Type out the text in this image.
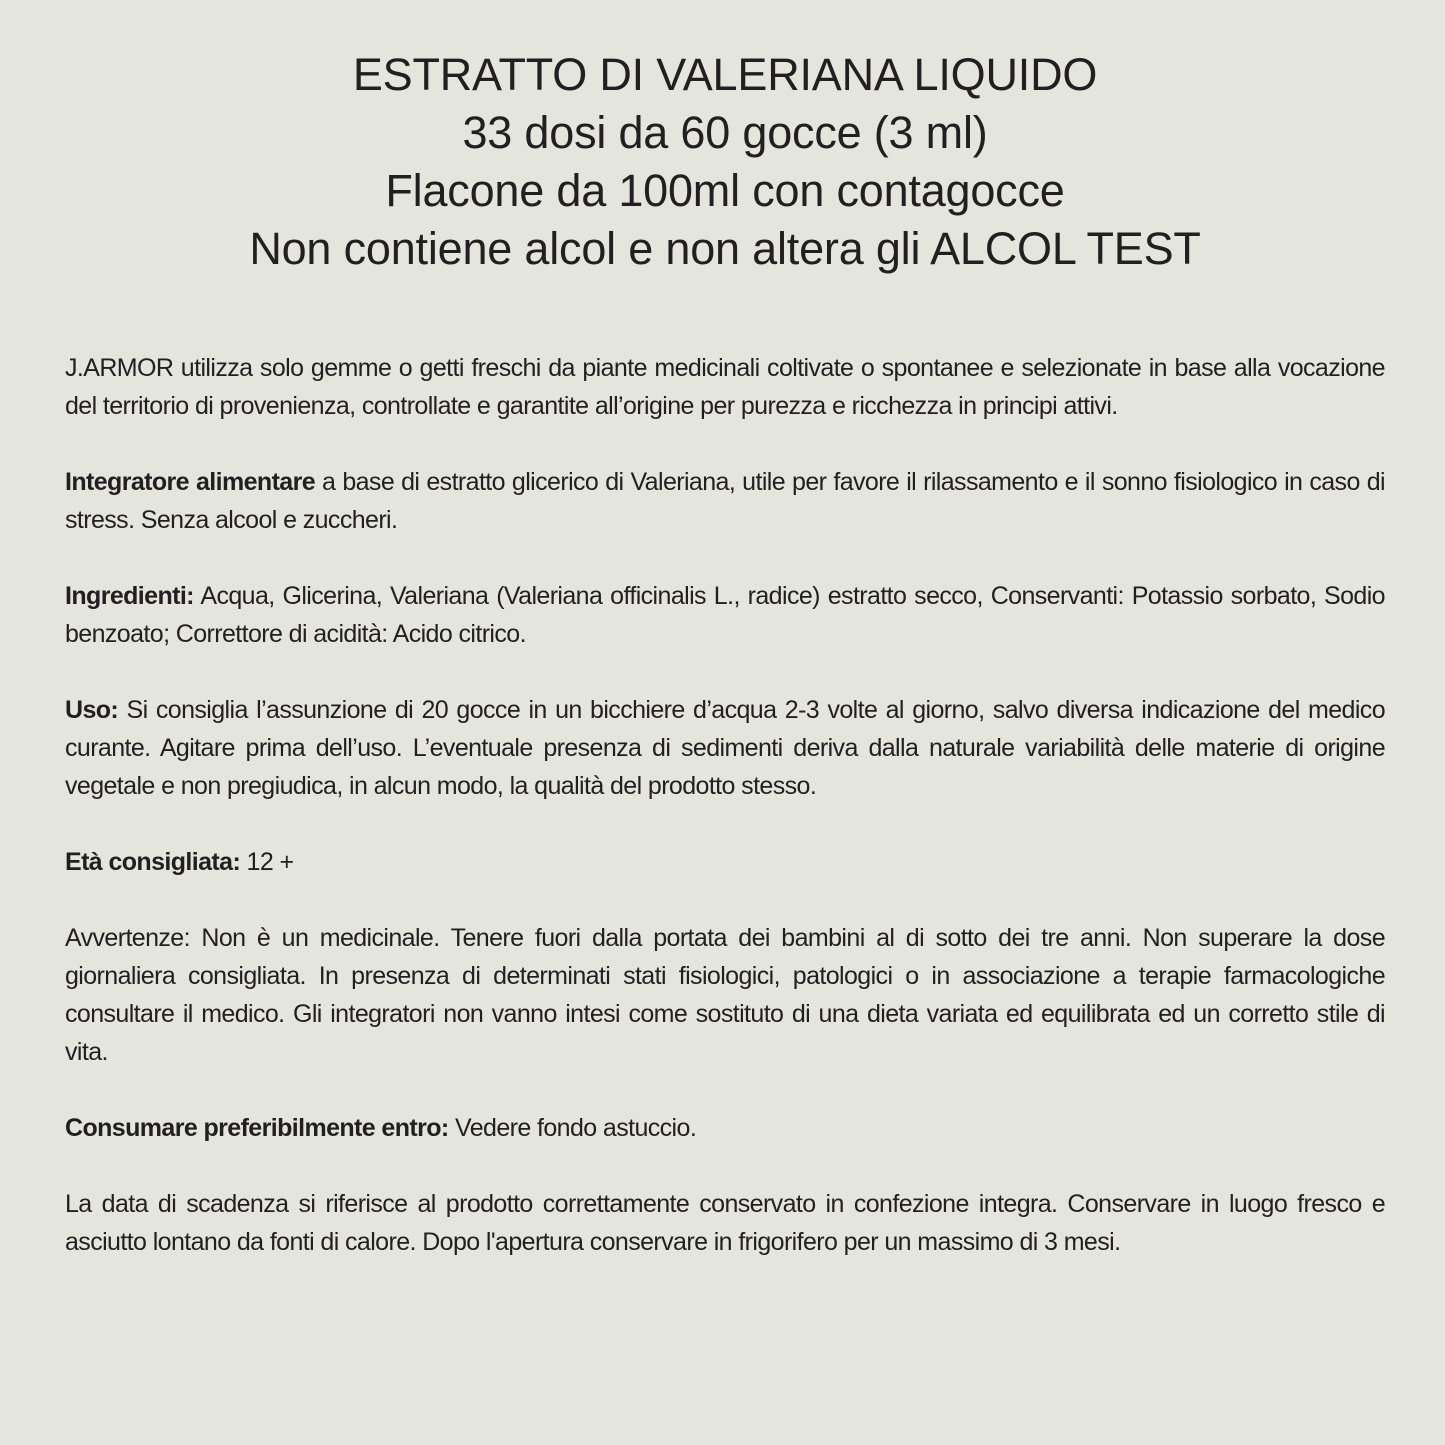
ESTRATTO DI VALERIANA LIQUIDO
33 dosi da 60 gocce (3 ml)
Flacone da 100ml con contagocce
Non contiene alcol e non altera gli ALCOL TEST

J.ARMOR utilizza solo gemme o getti freschi da piante medicinali coltivate o spontanee e selezionate in base alla vocazione del territorio di provenienza, controllate e garantite all’origine per purezza e ricchezza in principi attivi.

Integratore alimentare a base di estratto glicerico di Valeriana, utile per favore il rilassamento e il sonno fisiologico in caso di stress. Senza alcool e zuccheri.

Ingredienti: Acqua, Glicerina, Valeriana (Valeriana officinalis L., radice) estratto secco, Conservanti: Potassio sorbato, Sodio benzoato; Correttore di acidità: Acido citrico.

Uso: Si consiglia l’assunzione di 20 gocce in un bicchiere d’acqua 2-3 volte al giorno, salvo diversa indicazione del medico curante. Agitare prima dell’uso. L’eventuale presenza di sedimenti deriva dalla naturale variabilità delle materie di origine vegetale e non pregiudica, in alcun modo, la qualità del prodotto stesso.

Età consigliata: 12 +

Avvertenze: Non è un medicinale. Tenere fuori dalla portata dei bambini al di sotto dei tre anni. Non superare la dose giornaliera consigliata. In presenza di determinati stati fisiologici, patologici o in associazione a terapie farmacologiche consultare il medico. Gli integratori non vanno intesi come sostituto di una dieta variata ed equilibrata ed un corretto stile di vita.

Consumare preferibilmente entro: Vedere fondo astuccio.

La data di scadenza si riferisce al prodotto correttamente conservato in confezione integra. Conservare in luogo fresco e asciutto lontano da fonti di calore. Dopo l'apertura conservare in frigorifero per un massimo di 3 mesi.
